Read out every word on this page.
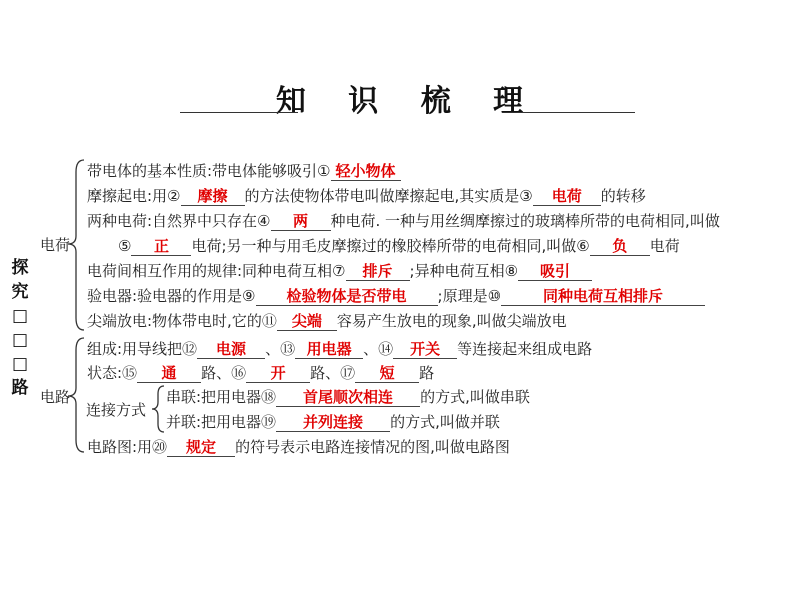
知 识 梳 理
探
究
□
□
□
路
电荷
电路
连接方式
带电体的基本性质:带电体能够吸引① 轻小物体
摩擦起电:用② 摩擦 的方法使物体带电叫做摩擦起电,其实质是③ 电荷 的转移
两种电荷:自然界中只存在④ 两 种电荷. 一种与用丝绸摩擦过的玻璃棒所带的电荷相同,叫做
⑤ 正 电荷;另一种与用毛皮摩擦过的橡胶棒所带的电荷相同,叫做⑥ 负 电荷
电荷间相互作用的规律:同种电荷互相⑦ 排斥 ;异种电荷互相⑧ 吸引
验电器:验电器的作用是⑨ 检验物体是否带电 ;原理是⑩	同种电荷互相排斥
尖端放电:物体带电时,它的⑪ 尖端 容易产生放电的现象,叫做尖端放电
组成:用导线把⑫ 电源 、⑬ 用电器 、⑭ 开关 等连接起来组成电路
状态:⑮ 通 路、⑯ 开 路、⑰ 短 路
串联:把用电器⑱ 首尾顺次相连 的方式,叫做串联
并联:把用电器⑲ 并列连接 的方式,叫做并联
电路图:用⑳ 规定 的符号表示电路连接情况的图,叫做电路图
